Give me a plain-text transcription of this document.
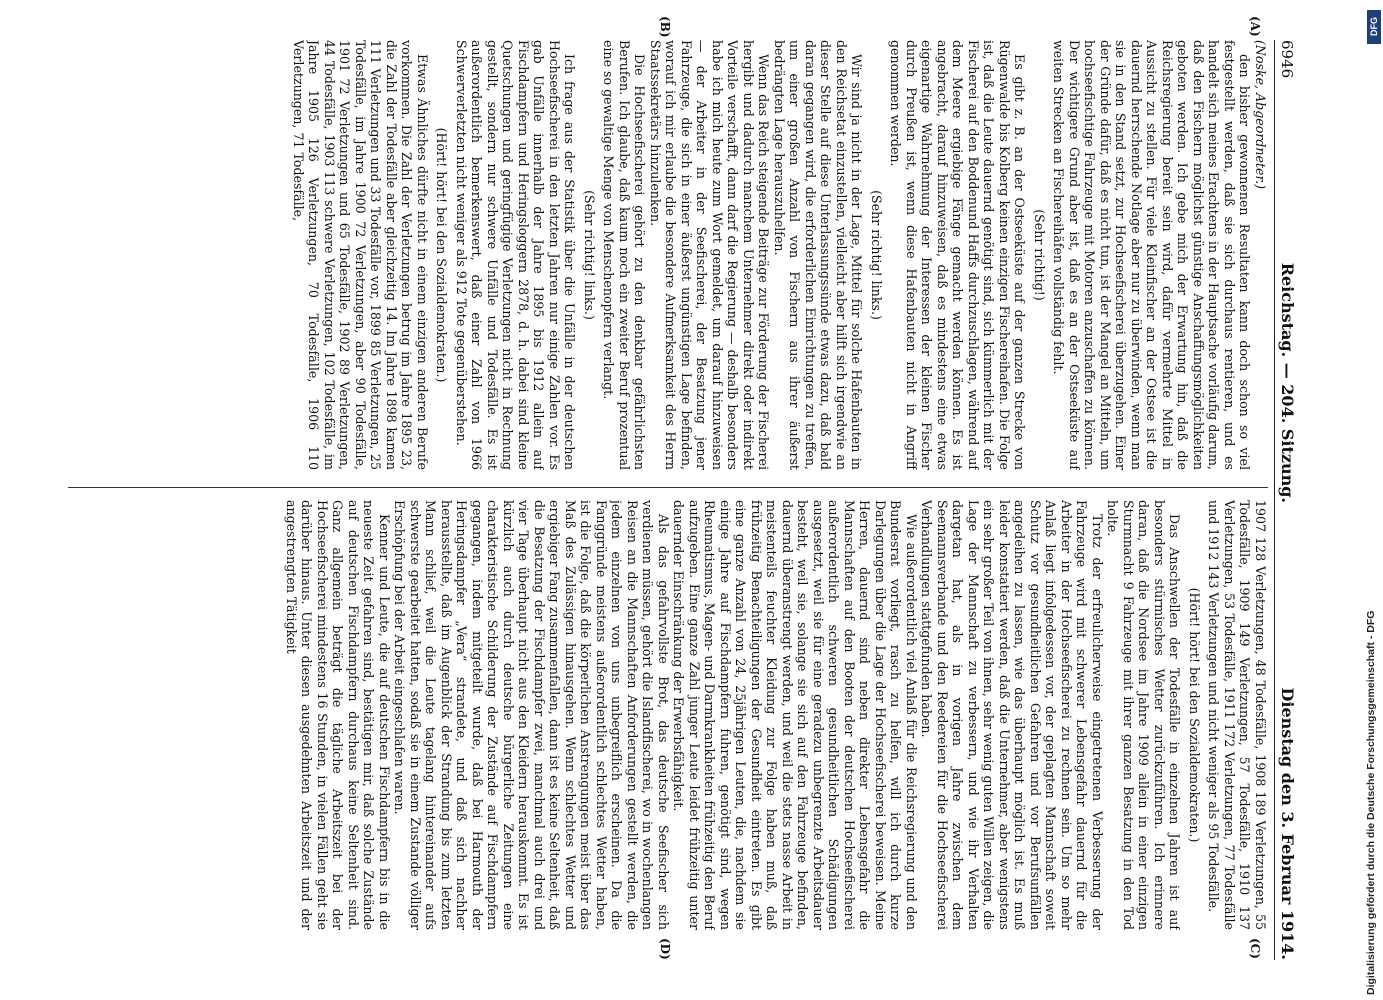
6946
Reichstag. — 204. Sitzung.
Dienstag den 3. Februar 1914.
(A)
(B)
(C)
(D)

(Noske, Abgeordneter.)

den bisher gewonnenen Resultaten kann doch schon so viel festgestellt werden, daß sie sich durchaus rentieren, und es handelt sich meines Erachtens in der Hauptsache vorläufig darum, daß den Fischern möglichst günstige Anschaffungsmöglichkeiten geboten werden. Ich gebe mich der Erwartung hin, daß die Reichsregierung bereit sein wird, dafür vermehrte Mittel in Aussicht zu stellen. Für viele Kleinfischer an der Ostsee ist die dauernd herrschende Notlage aber nur zu überwinden, wenn man sie in den Stand setzt, zur Hochseefischerei überzugehen. Einer der Gründe dafür, daß es nicht tun, ist der Mangel an Mitteln, um hochseefischtige Fahrzeuge mit Motoren anzuschaffen zu können. Der wichtigere Grund aber ist, daß es an der Ostseeküste auf weiten Strecken an Fischereihäfen vollständig fehlt.

(Sehr richtig!)

Es gibt z. B. an der Ostseeküste auf der ganzen Strecke von Rügenwalde bis Kolberg keinen einzigen Fischereihafen. Die Folge ist, daß die Leute dauernd genötigt sind, sich kümmerlich mit der Fischerei auf den Boddenund Haffs durchzuschlagen, während auf dem Meere ergiebige Fänge gemacht werden können. Es ist angebracht, darauf hinzuweisen, daß es mindestens eine etwas eigenartige Wahrnehmung der Interessen der kleinen Fischer durch Preußen ist, wenn diese Hafenbauten nicht in Angriff genommen werden.

(Sehr richtig! links.)

Wir sind ja nicht in der Lage, Mittel für solche Hafenbauten in den Reichsetat einzustellen, vielleicht aber hilft sich irgendwie an dieser Stelle auf diese Unterlassungssünde etwas dazu, daß bald daran gegangen wird, die erforderlichen Einrichtungen zu treffen, um einer großen Anzahl von Fischern aus ihrer äußerst bedrängten Lage herauszuhelfen.

Wenn das Reich steigende Beiträge zur Förderung der Fischerei hergibt und dadurch manchem Unternehmer direkt oder indirekt Vorteile verschafft, dann darf die Regierung — deshalb besonders habe ich mich heute zum Wort gemeldet, um darauf hinzuweisen — der Arbeiter in der Seefischerei, der Besatzung jener Fahrzeuge, die sich in einer äußerst ungünstigen Lage befinden, worauf ich mir erlaube die besondere Aufmerksamkeit des Herrn Staatssekretärs hinzulenken.

Die Hochseefischerei gehört zu den denkbar gefährlichsten Berufen. Ich glaube, daß kaum noch ein zweiter Beruf prozentual eine so gewaltige Menge von Menschenopfern verlangt.

(Sehr richtig! links.)

Ich frage aus der Statistik über die Unfälle in der deutschen Hochseefischerei in den letzten Jahren nur einige Zahlen vor. Es gab Unfälle innerhalb der Jahre 1895 bis 1912 allein auf Fischdampfern und Heringsloggern 2878, d. h. dabei sind kleine Quetschungen und geringfügige Verletzungen nicht in Rechnung gestellt, sondern nur schwere Unfälle und Todesfälle. Es ist außerordentlich bemerkenswert, daß einer Zahl von 1966 Schwerverletzten nicht weniger als 912 Tote gegenüberstehen.

(Hört! hört! bei den Sozialdemokraten.)

Etwas Ähnliches dürfte nicht in einem einzigen anderen Berufe vorkommen. Die Zahl der Verletzungen betrug im Jahre 1895 23, die Zahl der Todesfälle aber gleichzeitig 14. Im Jahre 1898 kamen 111 Verletzungen und 33 Todesfälle vor, 1899 85 Verletzungen, 25 Todesfälle, im Jahre 1900 72 Verletzungen, aber 90 Todesfälle, 1901 72 Verletzungen und 65 Todesfälle, 1902 89 Verletzungen, 44 Todesfälle, 1903 113 schwere Verletzungen, 102 Todesfälle, im Jahre 1905 126 Verletzungen, 70 Todesfälle, 1906 110 Verletzungen, 71 Todesfälle,

1907 128 Verletzungen, 48 Todesfälle, 1908 189 Verletzungen, 55 Todesfälle, 1909 149 Verletzungen, 57 Todesfälle, 1910 137 Verletzungen, 53 Todesfälle, 1911 172 Verletzungen, 77 Todesfälle und 1912 143 Verletzungen und nicht weniger als 95 Todesfälle.

(Hört! hört! bei den Sozialdemokraten.)

Das Anschwellen der Todesfälle in einzelnen Jahren ist auf besonders stürmisches Wetter zurückzuführen. Ich erinnere daran, daß die Nordsee im Jahre 1909 allein in einer einzigen Sturmnacht 9 Fahrzeuge mit ihrer ganzen Besatzung in den Tod holte.

Trotz der erfreulicherweise eingetretenen Verbesserung der Fahrzeuge wird mit schwerer Lebensgefahr dauernd für die Arbeiter in der Hochseefischerei zu rechnen sein. Um so mehr Anlaß liegt infolgedessen vor, der geplagten Mannschaft soweit Schutz vor gesundheitlichen Gefahren und vor Berufsunfällen angedeihen zu lassen, wie das überhaupt möglich ist. Es muß leider konstatiert werden, daß die Unternehmer, aber wenigstens ein sehr großer Teil von ihnen, sehr wenig guten Willen zeigen, die Lage der Mannschaft zu verbessern, und wie ihr Verhalten dargetan hat, als in vorigen Jahre zwischen dem Seemannsverbande und den Reedereien für die Hochseefischerei Verhandlungen stattgefunden haben.

Wie außerordentlich viel Anlaß für die Reichsregierung und den Bundesrat vorliegt, rasch zu helfen, will ich durch kurze Darlegungen über die Lage der Hochseefischerei beweisen. Meine Herren, dauernd sind neben direkter Lebensgefahr die Mannschaften auf den Booten der deutschen Hochseefischerei außerordentlich schweren gesundheitlichen Schädigungen ausgesetzt, weil sie für eine geradezu unbegrenzte Arbeitsdauer besteht, weil sie, solange sie sich auf den Fahrzeuge befinden, dauernd überanstrengt werden, und weil die stets nasse Arbeit in meistenteils feuchter Kleidung zur Folge haben muß, daß frühzeitig Benachteiligungen der Gesundheit eintreten. Es gibt eine ganze Anzahl von 24, 25jährigen Leuten, die, nachdem sie einige Jahre auf Fischdampfern fuhren, genötigt sind, wegen Rheumatismus, Magen- und Darmkrankheiten frühzeitig den Beruf aufzugeben. Eine ganze Zahl junger Leute leidet frühzeitig unter dauernder Einschränkung der Erwerbsfähigkeit.

Als das gefahrvollste Brot, das deutsche Seefischer sich verdienen müssen, gehört die Islandfischerei, wo in wochenlangen Reisen an die Mannschaften Anforderungen gestellt werden, die jedem einzelnen von uns unbegreiflich erscheinen. Da die Fanggründe meistens außerordentlich schlechtes Wetter haben, ist die Folge, daß die körperlichen Anstrengungen meist über das Maß des Zulässigen hinausgehen. Wenn schlechtes Wetter und ergiebiger Fang zusammenfallen, dann ist es keine Seltenheit, daß die Besatzung der Fischdampfer zwei, manchmal auch drei und vier Tage überhaupt nicht aus den Kleidern herauskommt. Es ist kürzlich auch durch deutsche bürgerliche Zeitungen eine charakteristische Schilderung der Zustände auf Fischdampfern gegangen, indem mitgeteilt wurde, daß bei Harmouth der Heringsdampfer „Vera“ strandete, und daß sich nachher herausstellte, daß im Augenblick der Strandung bis zum letzten Mann schlief, weil die Leute tagelang hintereinander aufs schwerste gearbeitet hatten, sodaß sie in einem Zustande völliger Erschöpfung bei der Arbeit eingeschlafen waren.

Kenner und Leute, die auf deutschen Fischdampfern bis in die neueste Zeit gefahren sind, bestätigen mir, daß solche Zustände auf deutschen Fischdampfern durchaus keine Seltenheit sind. Ganz allgemein beträgt die tägliche Arbeitszeit bei der Hochseefischerei mindestens 16 Stunden, in vielen Fällen geht sie darüber hinaus. Unter diesen ausgedehnten Arbeitszeit und der angestrengten Tätigkeit

Digitalisierung gefördert durch die Deutsche Forschungsgemeinschaft - DFG
DFG
